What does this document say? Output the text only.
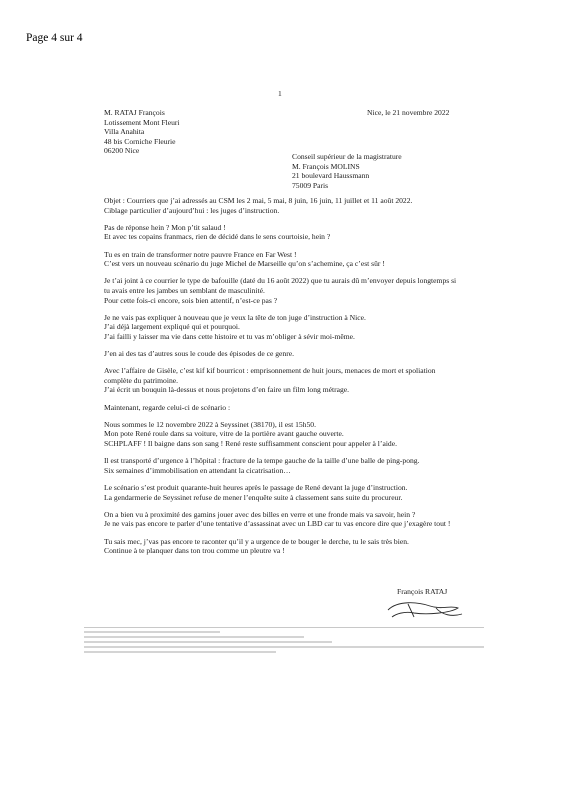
Page 4 sur 4
1
M. RATAJ François
Lotissement Mont Fleuri
Villa Anahita
48 bis Corniche Fleurie
06200 Nice
Nice, le 21 novembre 2022
Conseil supérieur de la magistrature
M. François MOLINS
21 boulevard Haussmann
75009 Paris

Objet : Courriers que j’ai adressés au CSM les 2 mai, 5 mai, 8 juin, 16 juin, 11 juillet et 11 août 2022.
Ciblage particulier d’aujourd’hui : les juges d’instruction.

Pas de réponse hein ? Mon p’tit salaud !
Et avec tes copains franmacs, rien de décidé dans le sens courtoisie, hein ?

Tu es en train de transformer notre pauvre France en Far West !
C’est vers un nouveau scénario du juge Michel de Marseille qu’on s’achemine, ça c’est sûr !

Je t’ai joint à ce courrier le type de bafouille (daté du 16 août 2022) que tu aurais dû m’envoyer depuis longtemps si tu avais entre les jambes un semblant de masculinité.
Pour cette fois-ci encore, sois bien attentif, n’est-ce pas ?

Je ne vais pas expliquer à nouveau que je veux la tête de ton juge d’instruction à Nice.
J’ai déjà largement expliqué qui et pourquoi.
J’ai failli y laisser ma vie dans cette histoire et tu vas m’obliger à sévir moi-même.

J’en ai des tas d’autres sous le coude des épisodes de ce genre.

Avec l’affaire de Gisèle, c’est kif kif bourricot : emprisonnement de huit jours, menaces de mort et spoliation complète du patrimoine.
J’ai écrit un bouquin là-dessus et nous projetons d’en faire un film long métrage.

Maintenant, regarde celui-ci de scénario :

Nous sommes le 12 novembre 2022 à Seyssinet (38170), il est 15h50.
Mon pote René roule dans sa voiture, vitre de la portière avant gauche ouverte.
SCHPLAFF ! Il baigne dans son sang ! René reste suffisamment conscient pour appeler à l’aide.

Il est transporté d’urgence à l’hôpital : fracture de la tempe gauche de la taille d’une balle de ping-pong.
Six semaines d’immobilisation en attendant la cicatrisation…

Le scénario s’est produit quarante-huit heures après le passage de René devant la juge d’instruction.
La gendarmerie de Seyssinet refuse de mener l’enquête suite à classement sans suite du procureur.

On a bien vu à proximité des gamins jouer avec des billes en verre et une fronde mais va savoir, hein ?
Je ne vais pas encore te parler d’une tentative d’assassinat avec un LBD car tu vas encore dire que j’exagère tout !

Tu sais mec, j’vas pas encore te raconter qu’il y a urgence de te bouger le derche, tu le sais très bien.
Continue à te planquer dans ton trou comme un pleutre va !

François RATAJ
